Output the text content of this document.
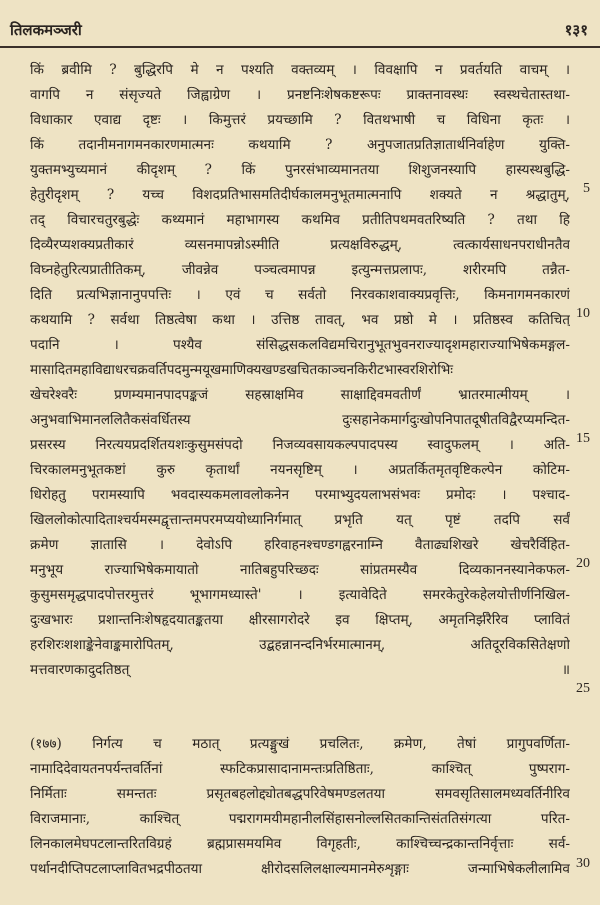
तिलकमञ्जरी	१३१
किं ब्रवीमि ? बुद्धिरपि मे न पश्यति वक्तव्यम् । विवक्षापि न प्रवर्तयति वाचम् ।
वागपि न संसृज्यते जिह्वाग्रेण । प्रनष्टनिःशेषकष्टरूपः प्राक्तनावस्थः स्वस्थचेतास्तथा-
विधाकार एवाद्य दृष्टः । किमुत्तरं प्रयच्छामि ? वितथभाषी च विधिना कृतः ।
किं तदानीमनागमनकारणमात्मनः कथयामि ? अनुपजातप्रतिज्ञातार्थनिर्वाहेण युक्ति-
युक्तमभ्युच्यमानं कीदृशम् ? किं पुनरसंभाव्यमानतया शिशुजनस्यापि हास्यस्थबुद्धि-
हेतुरीदृशम् ? यच्च विशदप्रतिभासमतिदीर्घकालमनुभूतमात्मनापि शक्यते न श्रद्धातुम्,
तद् विचारचतुरबुद्धेः कथ्यमानं महाभागस्य कथमिव प्रतीतिपथमवतरिष्यति ? तथा हि
दिव्यैरप्यशक्यप्रतीकारं व्यसनमापन्नोऽस्मीति प्रत्यक्षविरुद्धम्, त्वत्कार्यसाधनपराधीनतैव
विघ्नहेतुरित्यप्रातीतिकम्, जीवन्नेव पञ्चत्वमापन्न इत्युन्मत्तप्रलापः, शरीरमपि तन्नैत-
दिति प्रत्यभिज्ञानानुपपत्तिः । एवं च सर्वतो निरवकाशवाक्यप्रवृत्तिः, किमनागमनकारणं
कथयामि ? सर्वथा तिष्ठत्वेषा कथा । उत्तिष्ठ तावत्, भव प्रष्ठो मे । प्रतिष्ठस्व कतिचित्
पदानि । पश्यैव संसिद्धसकलविद्यमचिरानुभूतभुवनराज्यादृशमहाराज्याभिषेकमङ्गल-
मासादितमहाविद्याधरचक्रवर्तिपदमुन्मयूखमाणिक्यखण्डखचितकाञ्चनकिरीटभास्वरशिरोभिः
खेचरेश्वरैः प्रणम्यमानपादपङ्कजं सहस्राक्षमिव साक्षाद्दिवमवतीर्णं भ्रातरमात्मीयम् ।
अनुभवाभिमानललितैकसंवर्धितस्य दुःसहानेकमार्गदुःखोपनिपातदूषीतविद्वैरप्यमन्दित-
प्रसरस्य निरत्ययप्रदर्शितयशःकुसुमसंपदो निजव्यवसायकल्पपादपस्य स्वादुफलम् । अति-
चिरकालमनुभूतकष्टां कुरु कृतार्थां नयनसृष्टिम् । अप्रतर्कितमृतवृष्टिकल्पेन कोटिम-
धिरोहतु परामस्यापि भवदास्यकमलावलोकनेन परमाभ्युदयलाभसंभवः प्रमोदः । पश्चाद-
खिललोकोत्पादिताश्चर्यमस्मद्वृत्तान्तमपरमप्ययोध्यानिर्गमात् प्रभृति यत् पृष्टं तदपि सर्वं
क्रमेण ज्ञातासि । देवोऽपि हरिवाहनश्चण्डगह्वरनाम्नि वैताढ्यशिखरे खेचरैर्विहित-
मनुभूय राज्याभिषेकमायातो नातिबहुपरिच्छदः सांप्रतमस्यैव दिव्यकाननस्यानेकफल-
कुसुमसमृद्धपादपोत्तरमुत्तरं भूभागमध्यास्ते' । इत्यावेदिते समरकेतुरेकहेलयोत्तीर्णनिखिल-
दुःखभारः प्रशान्तनिःशेषहृदयातङ्कतया क्षीरसागरोदरे इव क्षिप्तम्, अमृतनिर्झरैरिव प्लावितं
हरशिरःशशाङ्केनेवाङ्कमारोपितम्, उद्बहन्नानन्दनिर्भरमात्मानम्, अतिदूरविकसितेक्षणो
मत्तवारणकादुदतिष्ठत् ॥
(१७७) निर्गत्य च मठात् प्रत्यङ्मुखं प्रचलितः, क्रमेण, तेषां प्रागुपवर्णिता-
नामादिदेवायतनपर्यन्तवर्तिनां स्फटिकप्रासादानामन्तःप्रतिष्ठिताः, काश्चित् पुष्पराग-
निर्मिताः समन्ततः प्रसृतबहलोद्द्योतबद्धपरिवेषमण्डलतया समवसृतिसालमध्यवर्तिनीरिव
विराजमानाः, काश्चित् पद्मरागमयीमहानीलसिंहासनोल्लसितकान्तिसंततिसंगत्या परित-
लिनकालमेघपटलान्तरितविग्रहं ब्रह्मप्रासमयमिव विगृहतीः, काश्चिच्चन्द्रकान्तनिर्वृत्ताः सर्व-
पर्थानदीप्तिपटलाप्लावितभद्रपीठतया क्षीरोदसलिलक्षाल्यमानमेरुशृङ्गाः जन्माभिषेकलीलामिव
5
10
15
20
25
30
